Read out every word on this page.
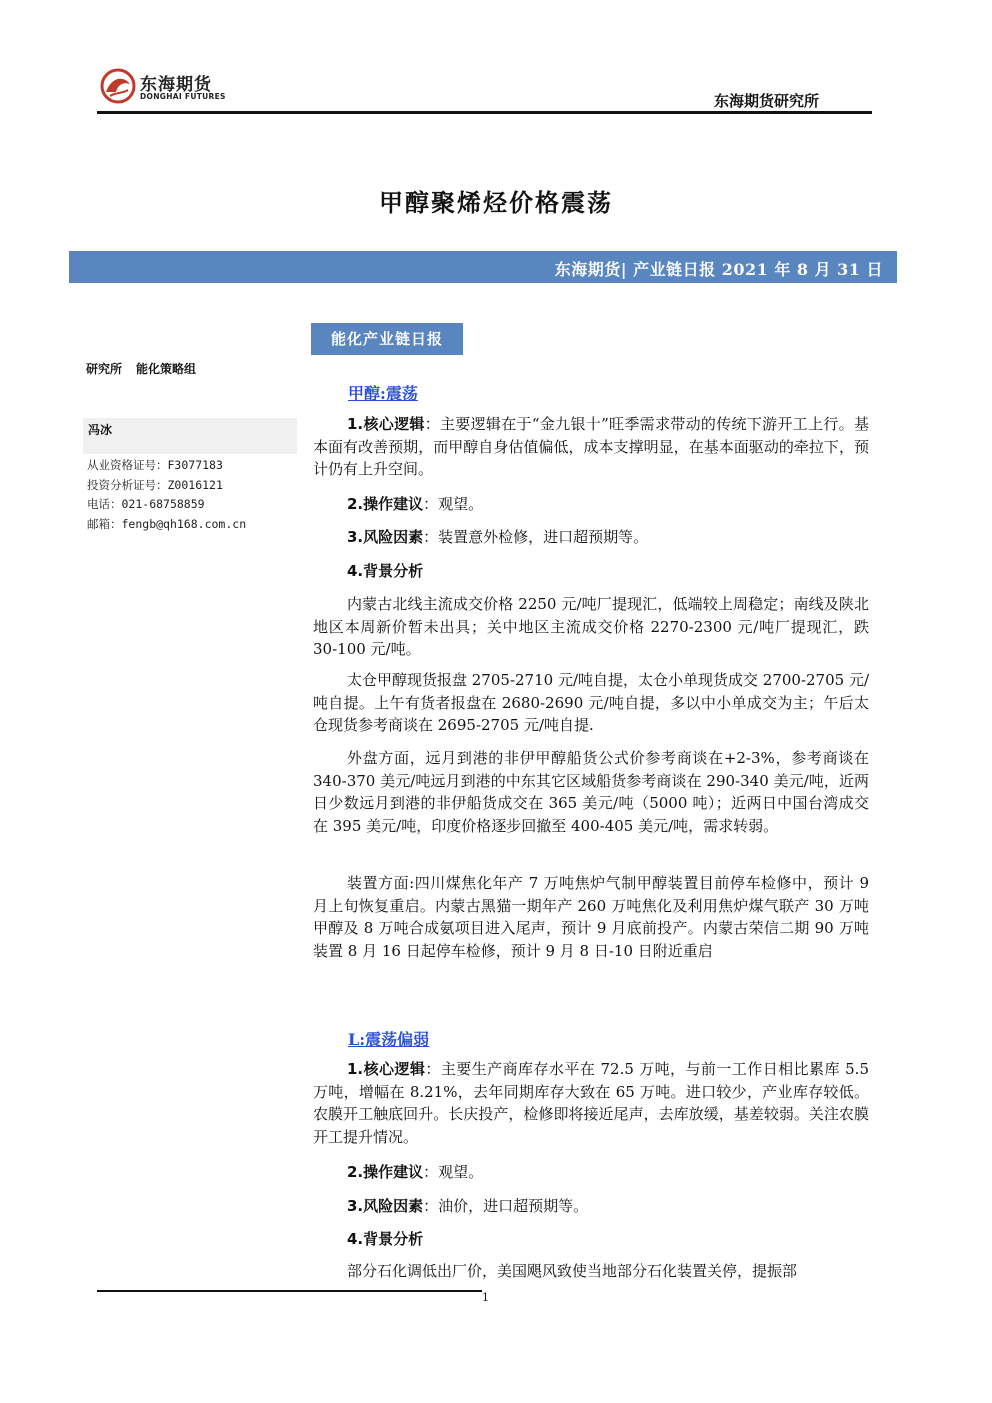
东海期货
DONGHAI FUTURES	东海期货研究所
甲醇聚烯烃价格震荡
东海期货| 产业链日报 2021 年 8 月 31 日
研究所 能化策略组
冯冰
从业资格证号：F3077183
投资分析证号：Z0016121
电话：021-68758859
邮箱：fengb@qh168.com.cn
能化产业链日报
甲醇:震荡
1.核心逻辑：主要逻辑在于“金九银十”旺季需求带动的传统下游开工上行。基本面有改善预期，而甲醇自身估值偏低，成本支撑明显，在基本面驱动的牵拉下，预计仍有上升空间。
2.操作建议：观望。
3.风险因素：装置意外检修，进口超预期等。
4.背景分析
内蒙古北线主流成交价格 2250 元/吨厂提现汇，低端较上周稳定；南线及陕北地区本周新价暂未出具；关中地区主流成交价格 2270-2300 元/吨厂提现汇，跌 30-100 元/吨。
太仓甲醇现货报盘 2705-2710 元/吨自提，太仓小单现货成交 2700-2705 元/吨自提。上午有货者报盘在 2680-2690 元/吨自提，多以中小单成交为主；午后太仓现货参考商谈在 2695-2705 元/吨自提.
外盘方面，远月到港的非伊甲醇船货公式价参考商谈在+2-3%，参考商谈在 340-370 美元/吨远月到港的中东其它区域船货参考商谈在 290-340 美元/吨，近两日少数远月到港的非伊船货成交在 365 美元/吨（5000 吨）；近两日中国台湾成交在 395 美元/吨，印度价格逐步回撤至 400-405 美元/吨，需求转弱。
装置方面:四川煤焦化年产 7 万吨焦炉气制甲醇装置目前停车检修中，预计 9 月上旬恢复重启。内蒙古黑猫一期年产 260 万吨焦化及利用焦炉煤气联产 30 万吨甲醇及 8 万吨合成氨项目进入尾声，预计 9 月底前投产。内蒙古荣信二期 90 万吨装置 8 月 16 日起停车检修，预计 9 月 8 日-10 日附近重启
L:震荡偏弱
1.核心逻辑：主要生产商库存水平在 72.5 万吨，与前一工作日相比累库 5.5 万吨，增幅在 8.21%，去年同期库存大致在 65 万吨。进口较少，产业库存较低。农膜开工触底回升。长庆投产，检修即将接近尾声，去库放缓，基差较弱。关注农膜开工提升情况。
2.操作建议：观望。
3.风险因素：油价，进口超预期等。
4.背景分析
部分石化调低出厂价，美国飓风致使当地部分石化装置关停，提振部
1
